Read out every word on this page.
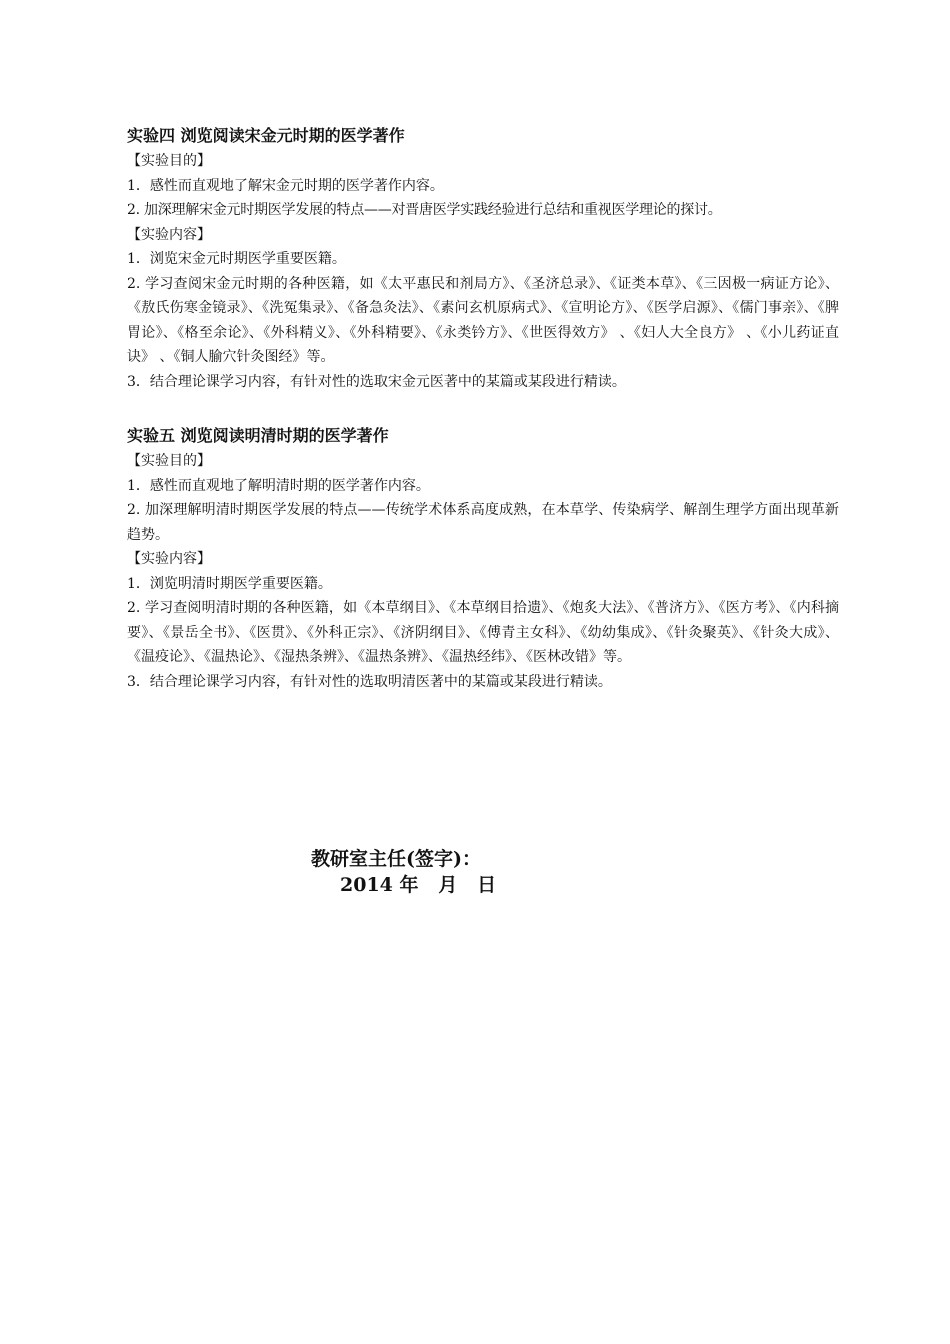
实验四 浏览阅读宋金元时期的医学著作

【实验目的】

1．感性而直观地了解宋金元时期的医学著作内容。

2. 加深理解宋金元时期医学发展的特点——对晋唐医学实践经验进行总结和重视医学理论的探讨。

【实验内容】

1．浏览宋金元时期医学重要医籍。

2. 学习查阅宋金元时期的各种医籍，如《太平惠民和剂局方》、《圣济总录》、《证类本草》、《三因极一病证方论》、《敖氏伤寒金镜录》、《洗冤集录》、《备急灸法》、《素问玄机原病式》、《宣明论方》、《医学启源》、《儒门事亲》、《脾胃论》、《格至余论》、《外科精义》、《外科精要》、《永类钤方》、《世医得效方》 、《妇人大全良方》 、《小儿药证直诀》 、《铜人腧穴针灸图经》等。

3．结合理论课学习内容，有针对性的选取宋金元医著中的某篇或某段进行精读。

实验五 浏览阅读明清时期的医学著作

【实验目的】

1．感性而直观地了解明清时期的医学著作内容。

2. 加深理解明清时期医学发展的特点——传统学术体系高度成熟，在本草学、传染病学、解剖生理学方面出现革新趋势。

【实验内容】

1．浏览明清时期医学重要医籍。

2. 学习查阅明清时期的各种医籍，如《本草纲目》、《本草纲目拾遗》、《炮炙大法》、《普济方》、《医方考》、《内科摘要》、《景岳全书》、《医贯》、《外科正宗》、《济阴纲目》、《傅青主女科》、《幼幼集成》、《针灸聚英》、《针灸大成》、《温疫论》、《温热论》、《湿热条辨》、《温热条辨》、《温热经纬》、《医林改错》等。

3．结合理论课学习内容，有针对性的选取明清医著中的某篇或某段进行精读。

教研室主任(签字)：
2014 年   月   日
